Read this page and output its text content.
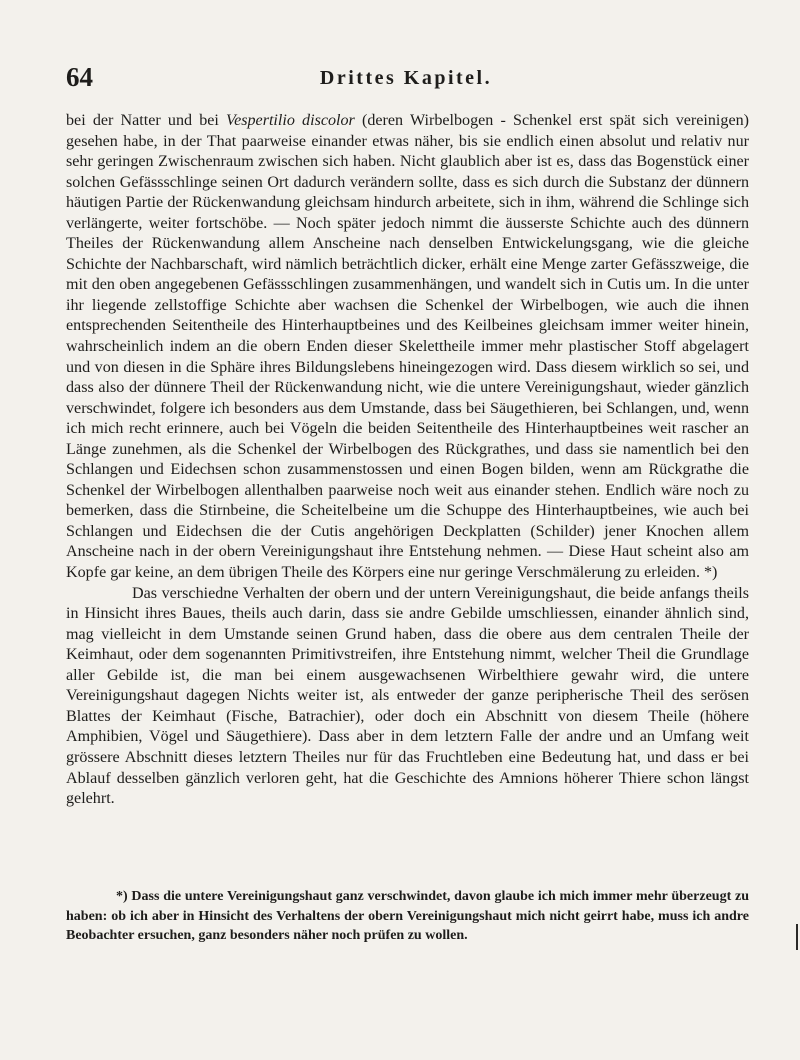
64	Drittes Kapitel.

bei der Natter und bei Vespertilio discolor (deren Wirbelbogen - Schenkel erst spät sich vereinigen) gesehen habe, in der That paarweise einander etwas näher, bis sie endlich einen absolut und relativ nur sehr geringen Zwischenraum zwischen sich haben. Nicht glaublich aber ist es, dass das Bogenstück einer solchen Gefässschlinge seinen Ort dadurch verändern sollte, dass es sich durch die Substanz der dünnern häutigen Partie der Rückenwandung gleichsam hindurch arbeitete, sich in ihm, während die Schlinge sich verlängerte, weiter fortschöbe. — Noch später jedoch nimmt die äusserste Schichte auch des dünnern Theiles der Rückenwandung allem Anscheine nach denselben Entwickelungsgang, wie die gleiche Schichte der Nachbarschaft, wird nämlich beträchtlich dicker, erhält eine Menge zarter Gefässzweige, die mit den oben angegebenen Gefässschlingen zusammenhängen, und wandelt sich in Cutis um. In die unter ihr liegende zellstoffige Schichte aber wachsen die Schenkel der Wirbelbogen, wie auch die ihnen entsprechenden Seitentheile des Hinterhauptbeines und des Keilbeines gleichsam immer weiter hinein, wahrscheinlich indem an die obern Enden dieser Skelettheile immer mehr plastischer Stoff abgelagert und von diesen in die Sphäre ihres Bildungslebens hineingezogen wird. Dass diesem wirklich so sei, und dass also der dünnere Theil der Rückenwandung nicht, wie die untere Vereinigungshaut, wieder gänzlich verschwindet, folgere ich besonders aus dem Umstande, dass bei Säugethieren, bei Schlangen, und, wenn ich mich recht erinnere, auch bei Vögeln die beiden Seitentheile des Hinterhauptbeines weit rascher an Länge zunehmen, als die Schenkel der Wirbelbogen des Rückgrathes, und dass sie namentlich bei den Schlangen und Eidechsen schon zusammenstossen und einen Bogen bilden, wenn am Rückgrathe die Schenkel der Wirbelbogen allenthalben paarweise noch weit aus einander stehen. Endlich wäre noch zu bemerken, dass die Stirnbeine, die Scheitelbeine um die Schuppe des Hinterhauptbeines, wie auch bei Schlangen und Eidechsen die der Cutis angehörigen Deckplatten (Schilder) jener Knochen allem Anscheine nach in der obern Vereinigungshaut ihre Entstehung nehmen. — Diese Haut scheint also am Kopfe gar keine, an dem übrigen Theile des Körpers eine nur geringe Verschmälerung zu erleiden. *)

Das verschiedne Verhalten der obern und der untern Vereinigungshaut, die beide anfangs theils in Hinsicht ihres Baues, theils auch darin, dass sie andre Gebilde umschliessen, einander ähnlich sind, mag vielleicht in dem Umstande seinen Grund haben, dass die obere aus dem centralen Theile der Keimhaut, oder dem sogenannten Primitivstreifen, ihre Entstehung nimmt, welcher Theil die Grundlage aller Gebilde ist, die man bei einem ausgewachsenen Wirbelthiere gewahr wird, die untere Vereinigungshaut dagegen Nichts weiter ist, als entweder der ganze peripherische Theil des serösen Blattes der Keimhaut (Fische, Batrachier), oder doch ein Abschnitt von diesem Theile (höhere Amphibien, Vögel und Säugethiere). Dass aber in dem letztern Falle der andre und an Umfang weit grössere Abschnitt dieses letztern Theiles nur für das Fruchtleben eine Bedeutung hat, und dass er bei Ablauf desselben gänzlich verloren geht, hat die Geschichte des Amnions höherer Thiere schon längst gelehrt.

*) Dass die untere Vereinigungshaut ganz verschwindet, davon glaube ich mich immer mehr überzeugt zu haben: ob ich aber in Hinsicht des Verhaltens der obern Vereinigungshaut mich nicht geirrt habe, muss ich andre Beobachter ersuchen, ganz besonders näher noch prüfen zu wollen.
